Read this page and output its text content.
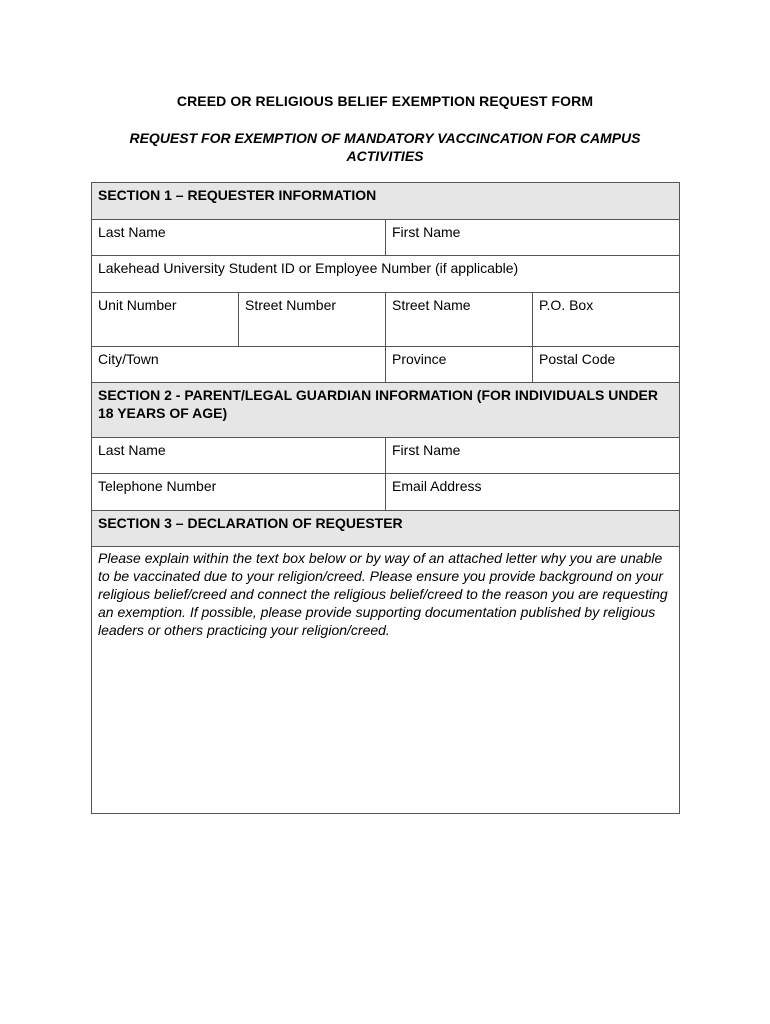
CREED OR RELIGIOUS BELIEF EXEMPTION REQUEST FORM
REQUEST FOR EXEMPTION OF MANDATORY VACCINCATION FOR CAMPUS ACTIVITIES
SECTION 1 – REQUESTER INFORMATION
Last Name	First Name
Lakehead University Student ID or Employee Number (if applicable)
Unit Number	Street Number	Street Name	P.O. Box
City/Town	Province	Postal Code
SECTION 2 - PARENT/LEGAL GUARDIAN INFORMATION (FOR INDIVIDUALS UNDER 18 YEARS OF AGE)
Last Name	First Name
Telephone Number	Email Address
SECTION 3 – DECLARATION OF REQUESTER
Please explain within the text box below or by way of an attached letter why you are unable to be vaccinated due to your religion/creed. Please ensure you provide background on your religious belief/creed and connect the religious belief/creed to the reason you are requesting an exemption. If possible, please provide supporting documentation published by religious leaders or others practicing your religion/creed.
